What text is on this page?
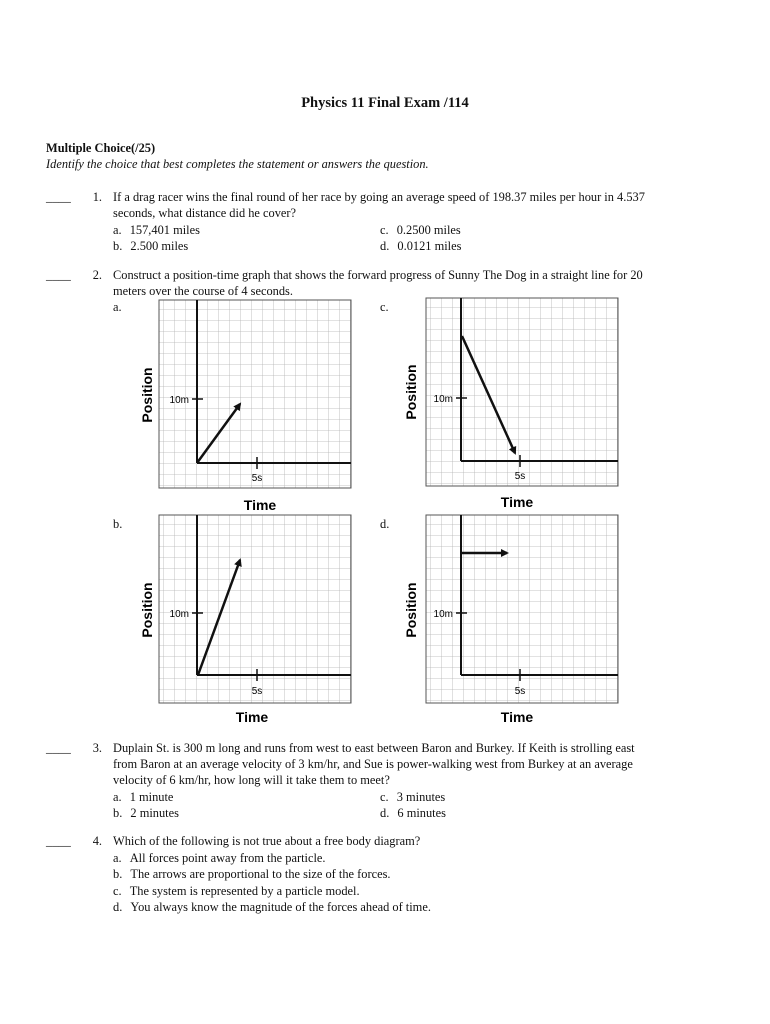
Physics 11 Final Exam /114
Multiple Choice(/25)
Identify the choice that best completes the statement or answers the question.
____	1. If a drag racer wins the final round of her race by going an average speed of 198.37 miles per hour in 4.537
seconds, what distance did he cover?
a. 157,401 miles
b. 2.500 miles
c. 0.2500 miles
d. 0.0121 miles
____	2. Construct a position-time graph that shows the forward progress of Sunny The Dog in a straight line for 20
meters over the course of 4 seconds.
a.	c.
b.	d.
10m
5s
Time
Position	10m
5s
Time
Position
10m
5s
Time
Position	10m
5s
Time
Position
____	3. Duplain St. is 300 m long and runs from west to east between Baron and Burkey. If Keith is strolling east
from Baron at an average velocity of 3 km/hr, and Sue is power-walking west from Burkey at an average
velocity of 6 km/hr, how long will it take them to meet?
a. 1 minute
b. 2 minutes
c. 3 minutes
d. 6 minutes
____	4. Which of the following is not true about a free body diagram?
a. All forces point away from the particle.
b. The arrows are proportional to the size of the forces.
c. The system is represented by a particle model.
d. You always know the magnitude of the forces ahead of time.
